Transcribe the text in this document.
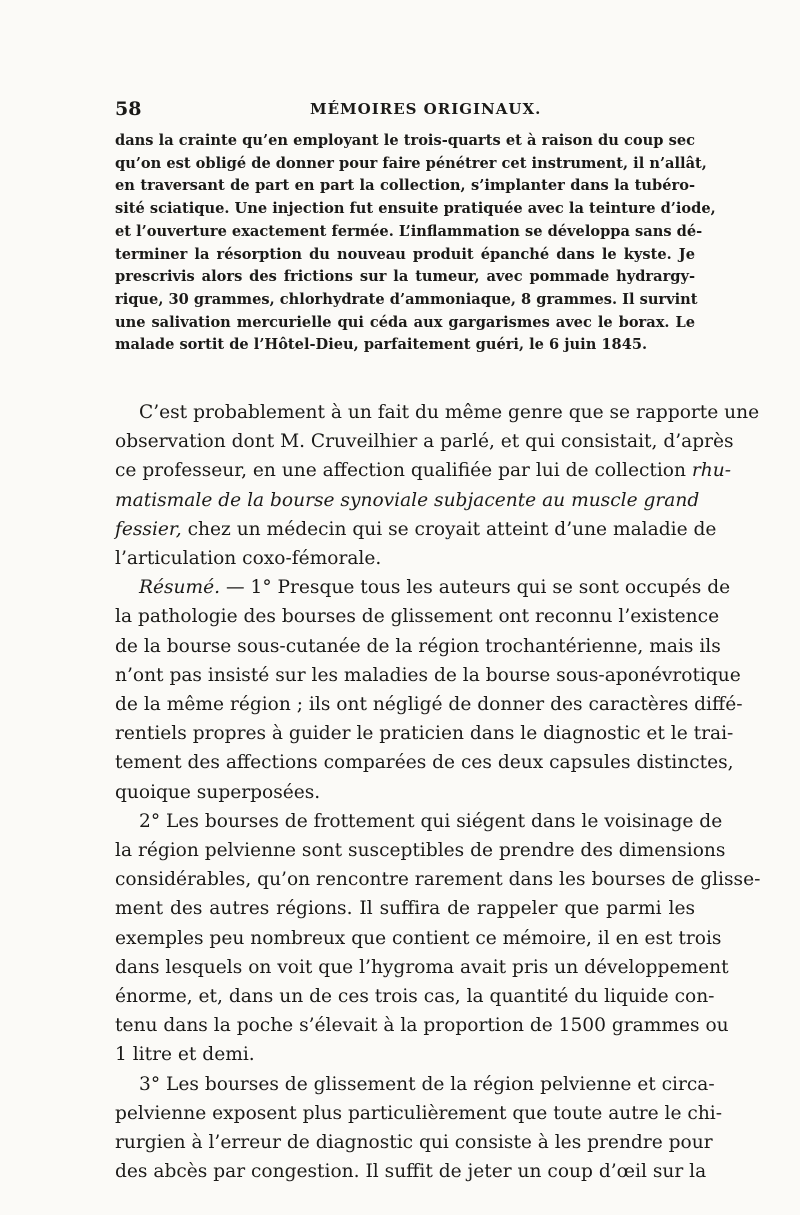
58	MÉMOIRES ORIGINAUX.
dans la crainte qu’en employant le trois-quarts et à raison du coup sec
qu’on est obligé de donner pour faire pénétrer cet instrument, il n’allât,
en traversant de part en part la collection, s’implanter dans la tubéro-
sité sciatique. Une injection fut ensuite pratiquée avec la teinture d’iode,
et l’ouverture exactement fermée. L’inflammation se développa sans dé-
terminer la résorption du nouveau produit épanché dans le kyste. Je
prescrivis alors des frictions sur la tumeur, avec pommade hydrargy-
rique, 30 grammes, chlorhydrate d’ammoniaque, 8 grammes. Il survint
une salivation mercurielle qui céda aux gargarismes avec le borax. Le
malade sortit de l’Hôtel-Dieu, parfaitement guéri, le 6 juin 1845.
C’est probablement à un fait du même genre que se rapporte une
observation dont M. Cruveilhier a parlé, et qui consistait, d’après
ce professeur, en une affection qualifiée par lui de collection rhu-
matismale de la bourse synoviale subjacente au muscle grand
fessier, chez un médecin qui se croyait atteint d’une maladie de
l’articulation coxo-fémorale.
Résumé. — 1° Presque tous les auteurs qui se sont occupés de
la pathologie des bourses de glissement ont reconnu l’existence
de la bourse sous-cutanée de la région trochantérienne, mais ils
n’ont pas insisté sur les maladies de la bourse sous-aponévrotique
de la même région ; ils ont négligé de donner des caractères diffé-
rentiels propres à guider le praticien dans le diagnostic et le trai-
tement des affections comparées de ces deux capsules distinctes,
quoique superposées.
2° Les bourses de frottement qui siégent dans le voisinage de
la région pelvienne sont susceptibles de prendre des dimensions
considérables, qu’on rencontre rarement dans les bourses de glisse-
ment des autres régions. Il suffira de rappeler que parmi les
exemples peu nombreux que contient ce mémoire, il en est trois
dans lesquels on voit que l’hygroma avait pris un développement
énorme, et, dans un de ces trois cas, la quantité du liquide con-
tenu dans la poche s’élevait à la proportion de 1500 grammes ou
1 litre et demi.
3° Les bourses de glissement de la région pelvienne et circa-
pelvienne exposent plus particulièrement que toute autre le chi-
rurgien à l’erreur de diagnostic qui consiste à les prendre pour
des abcès par congestion. Il suffit de jeter un coup d’œil sur la
